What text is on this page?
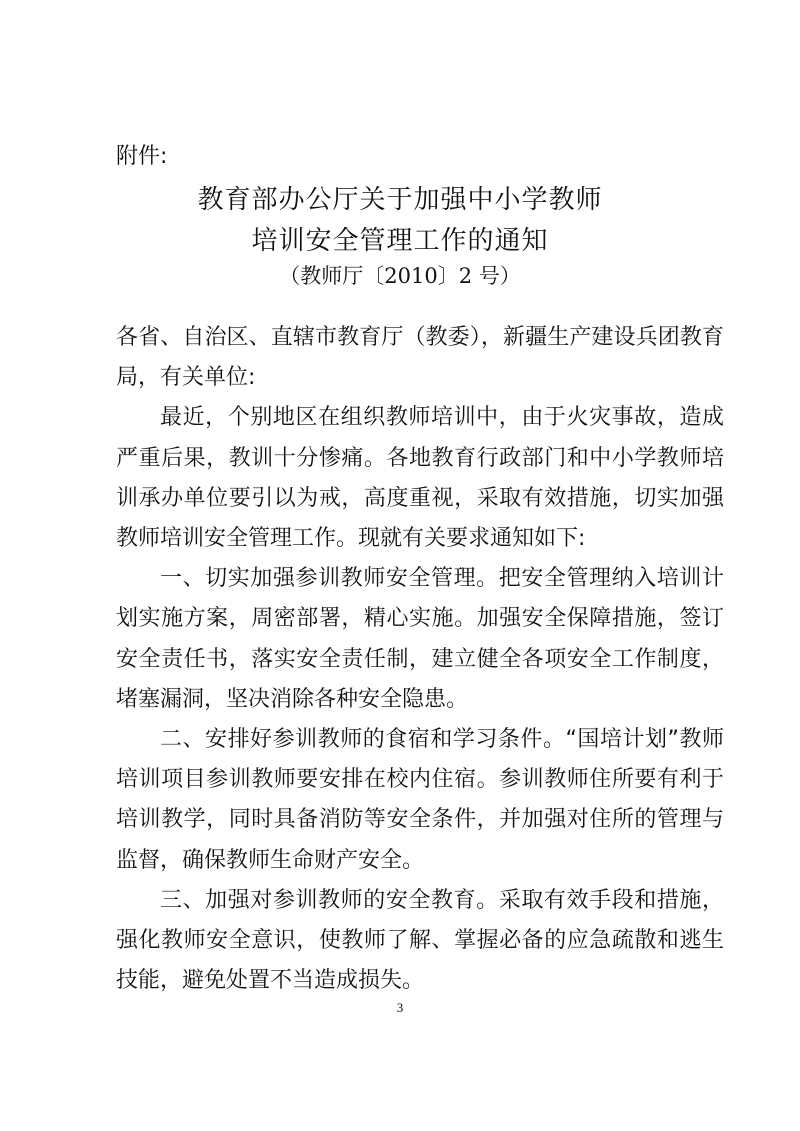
附件:
教育部办公厅关于加强中小学教师
培训安全管理工作的通知
（教师厅〔2010〕2 号）

各省、自治区、直辖市教育厅（教委），新疆生产建设兵团教育局，有关单位:

最近，个别地区在组织教师培训中，由于火灾事故，造成严重后果，教训十分惨痛。各地教育行政部门和中小学教师培训承办单位要引以为戒，高度重视，采取有效措施，切实加强教师培训安全管理工作。现就有关要求通知如下:

一、切实加强参训教师安全管理。把安全管理纳入培训计划实施方案，周密部署，精心实施。加强安全保障措施，签订安全责任书，落实安全责任制，建立健全各项安全工作制度，堵塞漏洞，坚决消除各种安全隐患。

二、安排好参训教师的食宿和学习条件。“国培计划”教师培训项目参训教师要安排在校内住宿。参训教师住所要有利于培训教学，同时具备消防等安全条件，并加强对住所的管理与监督，确保教师生命财产安全。

三、加强对参训教师的安全教育。采取有效手段和措施，强化教师安全意识，使教师了解、掌握必备的应急疏散和逃生技能，避免处置不当造成损失。

3
